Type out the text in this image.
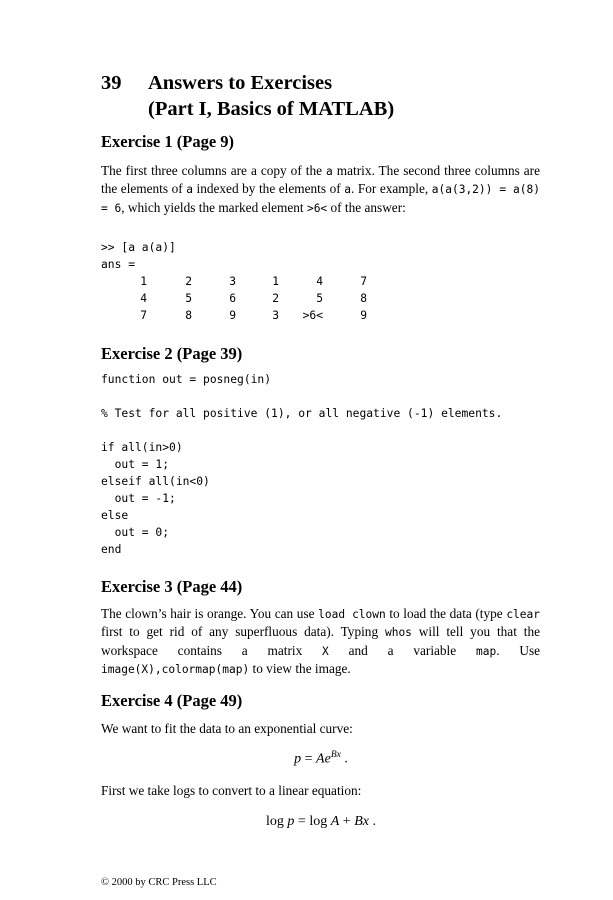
39 Answers to Exercises
(Part I, Basics of MATLAB)
Exercise 1 (Page 9)
The first three columns are a copy of the a matrix. The second three columns are the elements of a indexed by the elements of a. For example, a(a(3,2)) = a(8) = 6, which yields the marked element >6< of the answer:
>> [a a(a)]
ans =
1	2	3	1	4	7
4	5	6	2	5	8
7	8	9	3	>6<	9
Exercise 2 (Page 39)
function out = posneg(in)
% Test for all positive (1), or all negative (-1) elements.
if all(in>0)
out = 1;
elseif all(in<0)
out = -1;
else
out = 0;
end
Exercise 3 (Page 44)
The clown’s hair is orange. You can use load clown to load the data (type clear first to get rid of any superfluous data). Typing whos will tell you that the workspace contains a matrix X and a variable map. Use image(X),colormap(map) to view the image.
Exercise 4 (Page 49)
We want to fit the data to an exponential curve:
$p = Ae^{Bx}$ .
First we take logs to convert to a linear equation:
log p = log A + Bx .
© 2000 by CRC Press LLC
